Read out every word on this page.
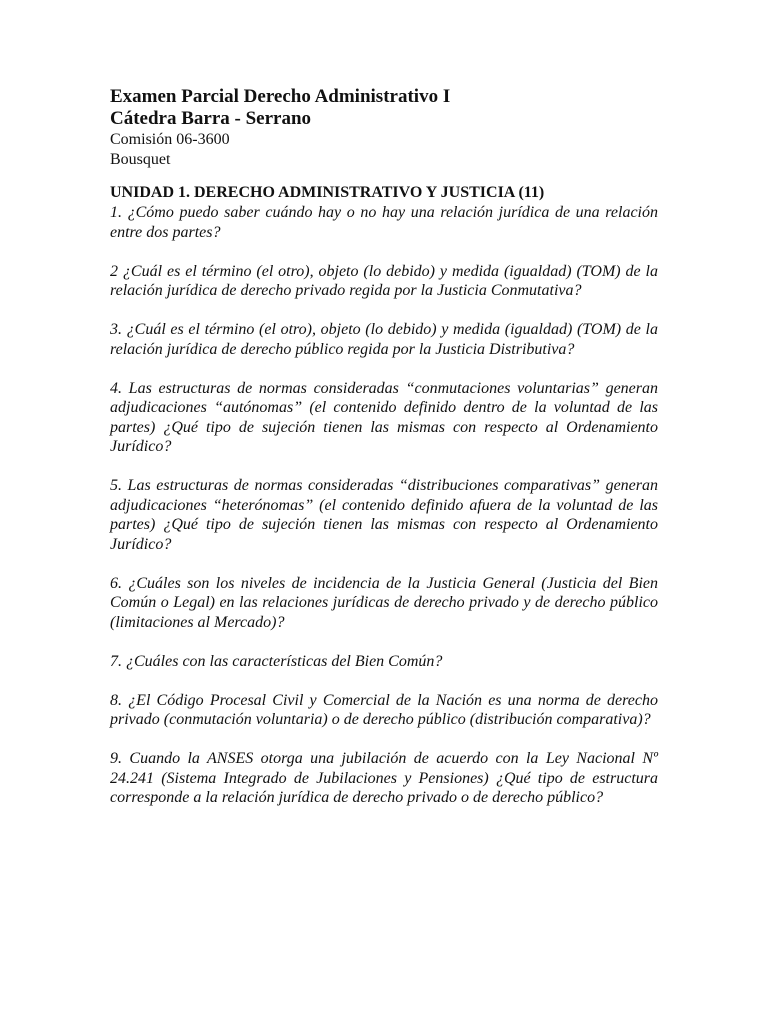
Examen Parcial Derecho Administrativo I

Cátedra Barra - Serrano

Comisión 06-3600

Bousquet

UNIDAD 1. DERECHO ADMINISTRATIVO Y JUSTICIA (11)

1. ¿Cómo puedo saber cuándo hay o no hay una relación jurídica de una relación entre dos partes?

2 ¿Cuál es el término (el otro), objeto (lo debido) y medida (igualdad) (TOM) de la relación jurídica de derecho privado regida por la Justicia Conmutativa?

3. ¿Cuál es el término (el otro), objeto (lo debido) y medida (igualdad) (TOM) de la relación jurídica de derecho público regida por la Justicia Distributiva?

4. Las estructuras de normas consideradas “conmutaciones voluntarias” generan adjudicaciones “autónomas” (el contenido definido dentro de la voluntad de las partes) ¿Qué tipo de sujeción tienen las mismas con respecto al Ordenamiento Jurídico?

5. Las estructuras de normas consideradas “distribuciones comparativas” generan adjudicaciones “heterónomas” (el contenido definido afuera de la voluntad de las partes) ¿Qué tipo de sujeción tienen las mismas con respecto al Ordenamiento Jurídico?

6. ¿Cuáles son los niveles de incidencia de la Justicia General (Justicia del Bien Común o Legal) en las relaciones jurídicas de derecho privado y de derecho público (limitaciones al Mercado)?

7. ¿Cuáles con las características del Bien Común?

8. ¿El Código Procesal Civil y Comercial de la Nación es una norma de derecho privado (conmutación voluntaria) o de derecho público (distribución comparativa)?

9. Cuando la ANSES otorga una jubilación de acuerdo con la Ley Nacional Nº 24.241 (Sistema Integrado de Jubilaciones y Pensiones) ¿Qué tipo de estructura corresponde a la relación jurídica de derecho privado o de derecho público?
